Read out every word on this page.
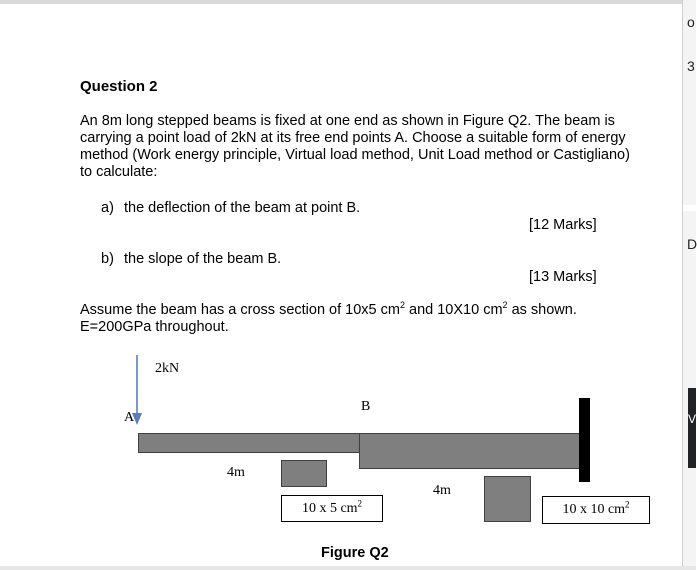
o
3
D
V
Question 2
An 8m long stepped beams is fixed at one end as shown in Figure Q2. The beam is carrying a point load of 2kN at its free end points A. Choose a suitable form of energy method (Work energy principle, Virtual load method, Unit Load method or Castigliano) to calculate:
a) the deflection of the beam at point B.
[12 Marks]
b) the slope of the beam B.
[13 Marks]
Assume the beam has a cross section of 10x5 $cm^2$ and 10X10 $cm^2$ as shown.
E=200GPa throughout.
2kN
A
B
4m
4m
10 x 5 $cm^2$	10 x 10 $cm^2$
Figure Q2
